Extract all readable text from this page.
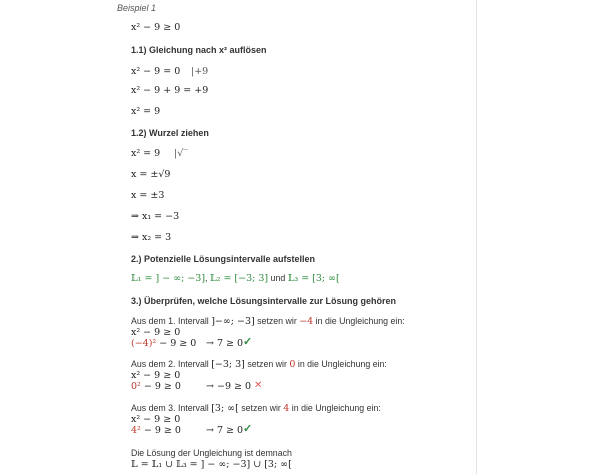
Beispiel 1
x² − 9 ≥ 0
1.1) Gleichung nach x² auflösen
x² − 9 = 0 |+9
x² − 9 + 9 = +9
x² = 9
1.2) Wurzel ziehen
x² = 9 |√‾
x = ±√9
x = ±3
⇒ x₁ = −3
⇒ x₂ = 3
2.) Potenzielle Lösungsintervalle aufstellen
𝕃₁ = ] − ∞; −3], 𝕃₂ = [−3; 3] und 𝕃₃ = [3; ∞[
3.) Überprüfen, welche Lösungsintervalle zur Lösung gehören
Aus dem 1. Intervall ]−∞; −3] setzen wir −4 in die Ungleichung ein:
x² − 9 ≥ 0
(−4)² − 9 ≥ 0 → 7 ≥ 0 ✓
Aus dem 2. Intervall [−3; 3] setzen wir 0 in die Ungleichung ein:
x² − 9 ≥ 0
0² − 9 ≥ 0	→ −9 ≥ 0 ✕
Aus dem 3. Intervall [3; ∞[ setzen wir 4 in die Ungleichung ein:
x² − 9 ≥ 0
4² − 9 ≥ 0	→ 7 ≥ 0 ✓
Die Lösung der Ungleichung ist demnach
𝕃 = 𝕃₁ ∪ 𝕃₃ = ] − ∞; −3] ∪ [3; ∞[
